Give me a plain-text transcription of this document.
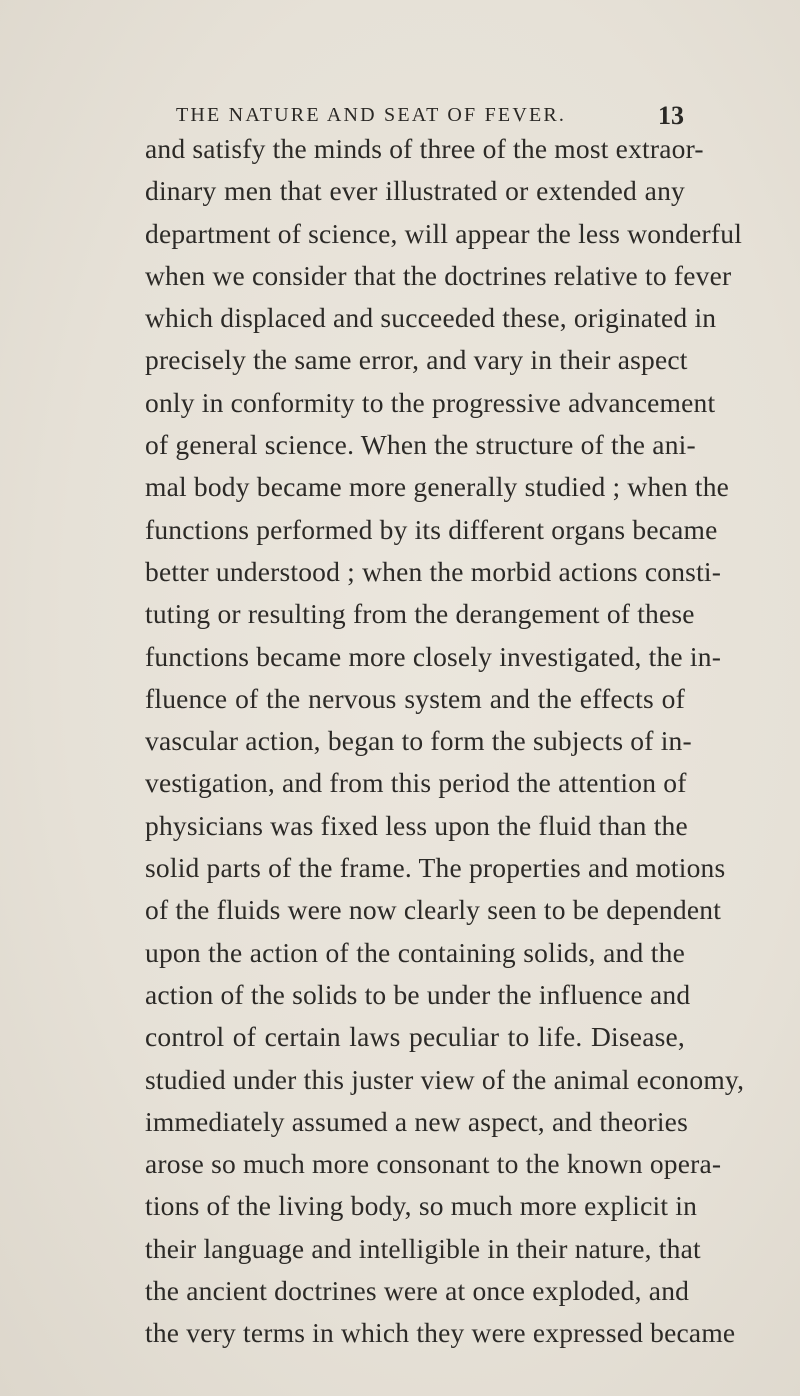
THE NATURE AND SEAT OF FEVER.	13
and satisfy the minds of three of the most extraor-
dinary men that ever illustrated or extended any
department of science, will appear the less wonderful
when we consider that the doctrines relative to fever
which displaced and succeeded these, originated in
precisely the same error, and vary in their aspect
only in conformity to the progressive advancement
of general science. When the structure of the ani-
mal body became more generally studied ; when the
functions performed by its different organs became
better understood ; when the morbid actions consti-
tuting or resulting from the derangement of these
functions became more closely investigated, the in-
fluence of the nervous system and the effects of
vascular action, began to form the subjects of in-
vestigation, and from this period the attention of
physicians was fixed less upon the fluid than the
solid parts of the frame. The properties and motions
of the fluids were now clearly seen to be dependent
upon the action of the containing solids, and the
action of the solids to be under the influence and
control of certain laws peculiar to life. Disease,
studied under this juster view of the animal economy,
immediately assumed a new aspect, and theories
arose so much more consonant to the known opera-
tions of the living body, so much more explicit in
their language and intelligible in their nature, that
the ancient doctrines were at once exploded, and
the very terms in which they were expressed became
